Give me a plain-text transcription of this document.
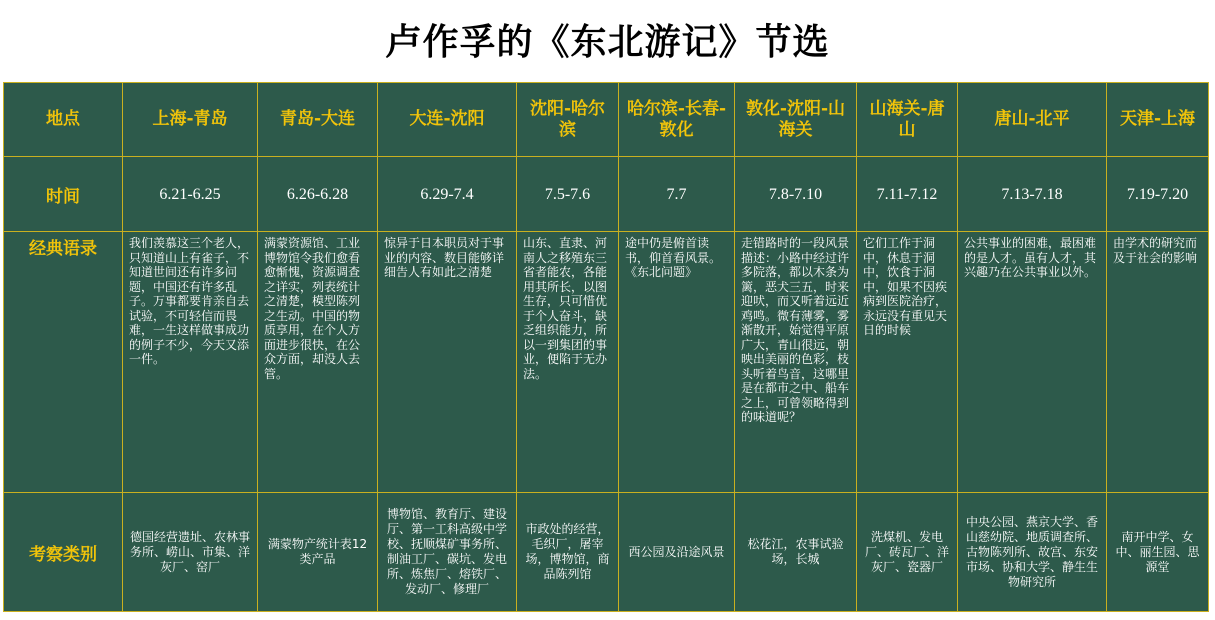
卢作孚的《东北游记》节选
地点	上海-青岛	青岛-大连	大连-沈阳	沈阳-哈尔滨	哈尔滨-长春-敦化	敦化-沈阳-山海关	山海关-唐山	唐山-北平	天津-上海
时间	6.21-6.25	6.26-6.28	6.29-7.4	7.5-7.6	7.7	7.8-7.10	7.11-7.12	7.13-7.18	7.19-7.20
经典语录	我们羡慕这三个老人，只知道山上有雀子，不知道世间还有许多问题，中国还有许多乱子。万事都要肯亲自去试验，不可轻信而畏难，一生这样做事成功的例子不少，今天又添一件。	满蒙资源馆、工业博物馆令我们愈看愈惭愧，资源调查之详实，列表统计之清楚，模型陈列之生动。中国的物质享用，在个人方面进步很快，在公众方面，却没人去管。	惊异于日本职员对于事业的内容、数目能够详细告人有如此之清楚	山东、直隶、河南人之移殖东三省者能农，各能用其所长，以图生存，只可惜优于个人奋斗，缺乏组织能力，所以一到集团的事业，便陷于无办法。	途中仍是俯首读书，仰首看风景。《东北问题》	走错路时的一段风景描述：小路中经过许多院落，都以木条为篱，恶犬三五，时来迎吠，而又听着远近鸡鸣。微有薄雾，雾渐散开，始觉得平原广大，青山很远，朝映出美丽的色彩，枝头听着鸟音，这哪里是在都市之中、船车之上，可曾领略得到的味道呢？	它们工作于洞中，休息于洞中，饮食于洞中，如果不因疾病到医院治疗，永远没有重见天日的时候	公共事业的困难，最困难的是人才。虽有人才，其兴趣乃在公共事业以外。	由学术的研究而及于社会的影响

考察类别	德国经营遗址、农林事务所、崂山、市集、洋灰厂、窑厂	满蒙物产统计表12类产品	博物馆、教育厅、建设厅、第一工科高级中学校、抚顺煤矿事务所、制油工厂、碳坑、发电所、炼焦厂、熔铁厂、发动厂、修理厂	市政处的经营，毛织厂，屠宰场，博物馆，商品陈列馆	西公园及沿途风景	松花江，农事试验场，长城	洗煤机、发电厂、砖瓦厂、洋灰厂、瓷器厂	中央公园、燕京大学、香山慈幼院、地质调查所、古物陈列所、故宫、东安市场、协和大学、静生生物研究所	南开中学、女中、丽生园、思源堂
